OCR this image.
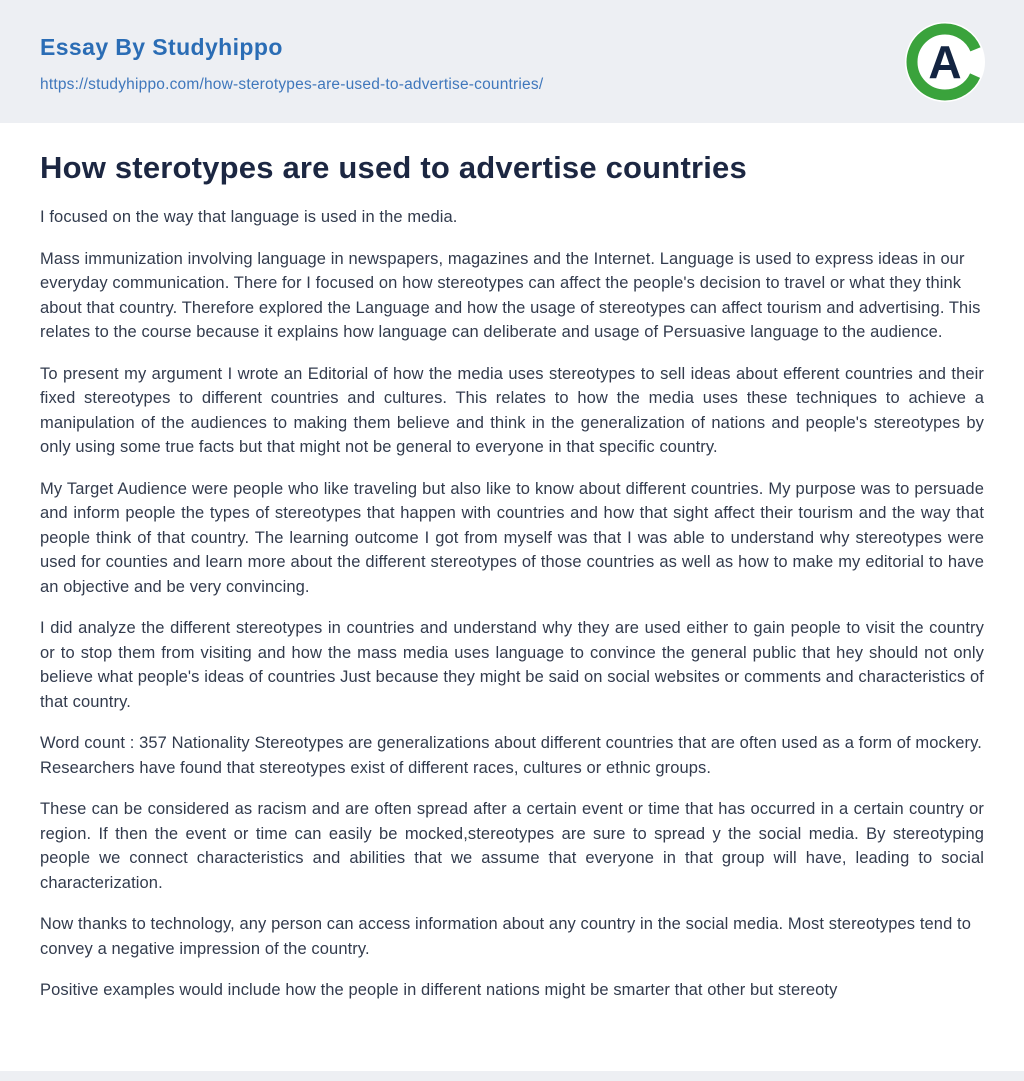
Essay By Studyhippo
https://studyhippo.com/how-sterotypes-are-used-to-advertise-countries/	A
How sterotypes are used to advertise countries

I focused on the way that language is used in the media.

Mass immunization involving language in newspapers, magazines and the Internet. Language is used to express ideas in our everyday communication. There for I focused on how stereotypes can affect the people's decision to travel or what they think about that country. Therefore explored the Language and how the usage of stereotypes can affect tourism and advertising. This relates to the course because it explains how language can deliberate and usage of Persuasive language to the audience.

To present my argument I wrote an Editorial of how the media uses stereotypes to sell ideas about efferent countries and their fixed stereotypes to different countries and cultures. This relates to how the media uses these techniques to achieve a manipulation of the audiences to making them believe and think in the generalization of nations and people's stereotypes by only using some true facts but that might not be general to everyone in that specific country.

My Target Audience were people who like traveling but also like to know about different countries. My purpose was to persuade and inform people the types of stereotypes that happen with countries and how that sight affect their tourism and the way that people think of that country. The learning outcome I got from myself was that I was able to understand why stereotypes were used for counties and learn more about the different stereotypes of those countries as well as how to make my editorial to have an objective and be very convincing.

I did analyze the different stereotypes in countries and understand why they are used either to gain people to visit the country or to stop them from visiting and how the mass media uses language to convince the general public that hey should not only believe what people's ideas of countries Just because they might be said on social websites or comments and characteristics of that country.

Word count : 357 Nationality Stereotypes are generalizations about different countries that are often used as a form of mockery. Researchers have found that stereotypes exist of different races, cultures or ethnic groups.

These can be considered as racism and are often spread after a certain event or time that has occurred in a certain country or region. If then the event or time can easily be mocked,stereotypes are sure to spread y the social media. By stereotyping people we connect characteristics and abilities that we assume that everyone in that group will have, leading to social characterization.

Now thanks to technology, any person can access information about any country in the social media. Most stereotypes tend to convey a negative impression of the country.

Positive examples would include how the people in different nations might be smarter that other but stereoty
